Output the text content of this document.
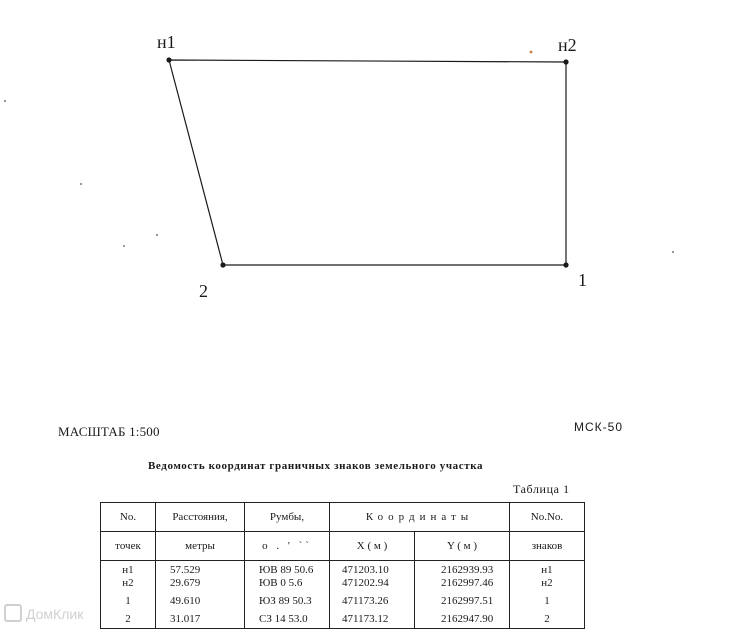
н1	н2
1
2
МАСШТАБ 1:500	МСК-50
Ведомость координат граничных знаков земельного участка
Таблица 1
No.	Расстояния,	Румбы,	Координаты		No.No.
точек	метры	о . ' ``	X ( м )	Y ( м )	знаков
н1	57.529	ЮВ 89 50.6	471203.10	2162939.93	н1
н2	29.679	ЮВ 0 5.6	471202.94	2162997.46	н2
1	49.610	ЮЗ 89 50.3	471173.26	2162997.51	1
2	31.017	СЗ 14 53.0	471173.12	2162947.90	2
ДомКлик
